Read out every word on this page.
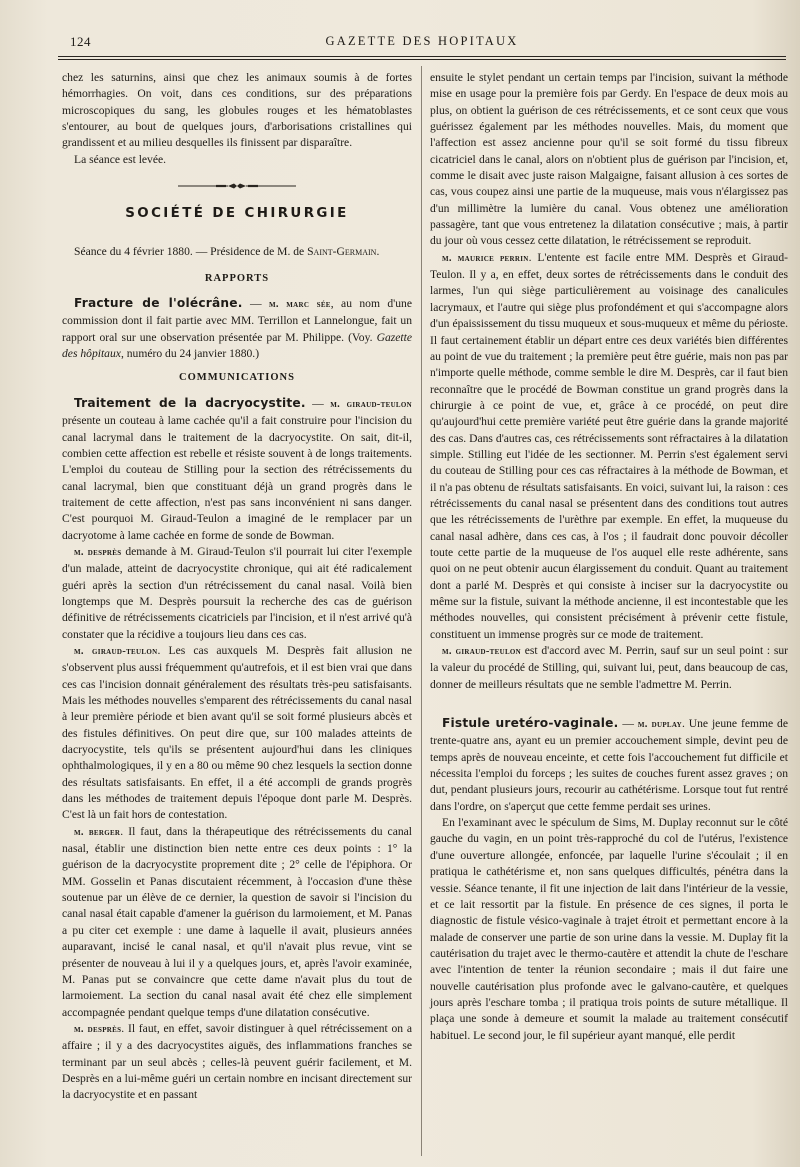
124	GAZETTE DES HOPITAUX

chez les saturnins, ainsi que chez les animaux soumis à de fortes hémorrhagies. On voit, dans ces conditions, sur des préparations microscopiques du sang, les globules rouges et les hématoblastes s'entourer, au bout de quelques jours, d'arborisations cristallines qui grandissent et au milieu desquelles ils finissent par disparaître.

La séance est levée.

SOCIÉTÉ DE CHIRURGIE

Séance du 4 février 1880. — Présidence de M. de Saint-Germain.

RAPPORTS

Fracture de l'olécrâne. — m. marc sée, au nom d'une commission dont il fait partie avec MM. Terrillon et Lannelongue, fait un rapport oral sur une observation présentée par M. Philippe. (Voy. Gazette des hôpitaux, numéro du 24 janvier 1880.)

COMMUNICATIONS

Traitement de la dacryocystite. — m. giraud-teulon présente un couteau à lame cachée qu'il a fait construire pour l'incision du canal lacrymal dans le traitement de la dacryocystite. On sait, dit-il, combien cette affection est rebelle et résiste souvent à de longs traitements. L'emploi du couteau de Stilling pour la section des rétrécissements du canal lacrymal, bien que constituant déjà un grand progrès dans le traitement de cette affection, n'est pas sans inconvénient ni sans danger. C'est pourquoi M. Giraud-Teulon a imaginé de le remplacer par un dacryotome à lame cachée en forme de sonde de Bowman.

m. desprès demande à M. Giraud-Teulon s'il pourrait lui citer l'exemple d'un malade, atteint de dacryocystite chronique, qui ait été radicalement guéri après la section d'un rétrécissement du canal nasal. Voilà bien longtemps que M. Desprès poursuit la recherche des cas de guérison définitive de rétrécissements cicatriciels par l'incision, et il n'est arrivé qu'à constater que la récidive a toujours lieu dans ces cas.

m. giraud-teulon. Les cas auxquels M. Desprès fait allusion ne s'observent plus aussi fréquemment qu'autrefois, et il est bien vrai que dans ces cas l'incision donnait généralement des résultats très-peu satisfaisants. Mais les méthodes nouvelles s'emparent des rétrécissements du canal nasal à leur première période et bien avant qu'il se soit formé plusieurs abcès et des fistules définitives. On peut dire que, sur 100 malades atteints de dacryocystite, tels qu'ils se présentent aujourd'hui dans les cliniques ophthalmologiques, il y en a 80 ou même 90 chez lesquels la section donne des résultats satisfaisants. En effet, il a été accompli de grands progrès dans les méthodes de traitement depuis l'époque dont parle M. Desprès. C'est là un fait hors de contestation.

m. berger. Il faut, dans la thérapeutique des rétrécissements du canal nasal, établir une distinction bien nette entre ces deux points : 1° la guérison de la dacryocystite proprement dite ; 2° celle de l'épiphora. Or MM. Gosselin et Panas discutaient récemment, à l'occasion d'une thèse soutenue par un élève de ce dernier, la question de savoir si l'incision du canal nasal était capable d'amener la guérison du larmoiement, et M. Panas a pu citer cet exemple : une dame à laquelle il avait, plusieurs années auparavant, incisé le canal nasal, et qu'il n'avait plus revue, vint se présenter de nouveau à lui il y a quelques jours, et, après l'avoir examinée, M. Panas put se convaincre que cette dame n'avait plus du tout de larmoiement. La section du canal nasal avait été chez elle simplement accompagnée pendant quelque temps d'une dilatation consécutive.

m. desprès. Il faut, en effet, savoir distinguer à quel rétrécissement on a affaire ; il y a des dacryocystites aiguës, des inflammations franches se terminant par un seul abcès ; celles-là peuvent guérir facilement, et M. Desprès en a lui-même guéri un certain nombre en incisant directement sur la dacryocystite et en passant

ensuite le stylet pendant un certain temps par l'incision, suivant la méthode mise en usage pour la première fois par Gerdy. En l'espace de deux mois au plus, on obtient la guérison de ces rétrécissements, et ce sont ceux que vous guérissez également par les méthodes nouvelles. Mais, du moment que l'affection est assez ancienne pour qu'il se soit formé du tissu fibreux cicatriciel dans le canal, alors on n'obtient plus de guérison par l'incision, et, comme le disait avec juste raison Malgaigne, faisant allusion à ces sortes de cas, vous coupez ainsi une partie de la muqueuse, mais vous n'élargissez pas d'un millimètre la lumière du canal. Vous obtenez une amélioration passagère, tant que vous entretenez la dilatation consécutive ; mais, à partir du jour où vous cessez cette dilatation, le rétrécissement se reproduit.

m. maurice perrin. L'entente est facile entre MM. Desprès et Giraud-Teulon. Il y a, en effet, deux sortes de rétrécissements dans le conduit des larmes, l'un qui siège particulièrement au voisinage des canalicules lacrymaux, et l'autre qui siège plus profondément et qui s'accompagne alors d'un épaississement du tissu muqueux et sous-muqueux et même du périoste. Il faut certainement établir un départ entre ces deux variétés bien différentes au point de vue du traitement ; la première peut être guérie, mais non pas par n'importe quelle méthode, comme semble le dire M. Desprès, car il faut bien reconnaître que le procédé de Bowman constitue un grand progrès dans la chirurgie à ce point de vue, et, grâce à ce procédé, on peut dire qu'aujourd'hui cette première variété peut être guérie dans la grande majorité des cas. Dans d'autres cas, ces rétrécissements sont réfractaires à la dilatation simple. Stilling eut l'idée de les sectionner. M. Perrin s'est également servi du couteau de Stilling pour ces cas réfractaires à la méthode de Bowman, et il n'a pas obtenu de résultats satisfaisants. En voici, suivant lui, la raison : ces rétrécissements du canal nasal se présentent dans des conditions tout autres que les rétrécissements de l'urèthre par exemple. En effet, la muqueuse du canal nasal adhère, dans ces cas, à l'os ; il faudrait donc pouvoir décoller toute cette partie de la muqueuse de l'os auquel elle reste adhérente, sans quoi on ne peut obtenir aucun élargissement du conduit. Quant au traitement dont a parlé M. Desprès et qui consiste à inciser sur la dacryocystite ou même sur la fistule, suivant la méthode ancienne, il est incontestable que les méthodes nouvelles, qui consistent précisément à prévenir cette fistule, constituent un immense progrès sur ce mode de traitement.

m. giraud-teulon est d'accord avec M. Perrin, sauf sur un seul point : sur la valeur du procédé de Stilling, qui, suivant lui, peut, dans beaucoup de cas, donner de meilleurs résultats que ne semble l'admettre M. Perrin.

Fistule uretéro-vaginale. — m. duplay. Une jeune femme de trente-quatre ans, ayant eu un premier accouchement simple, devint peu de temps après de nouveau enceinte, et cette fois l'accouchement fut difficile et nécessita l'emploi du forceps ; les suites de couches furent assez graves ; on dut, pendant plusieurs jours, recourir au cathétérisme. Lorsque tout fut rentré dans l'ordre, on s'aperçut que cette femme perdait ses urines.

En l'examinant avec le spéculum de Sims, M. Duplay reconnut sur le côté gauche du vagin, en un point très-rapproché du col de l'utérus, l'existence d'une ouverture allongée, enfoncée, par laquelle l'urine s'écoulait ; il en pratiqua le cathétérisme et, non sans quelques difficultés, pénétra dans la vessie. Séance tenante, il fit une injection de lait dans l'intérieur de la vessie, et ce lait ressortit par la fistule. En présence de ces signes, il porta le diagnostic de fistule vésico-vaginale à trajet étroit et permettant encore à la malade de conserver une partie de son urine dans la vessie. M. Duplay fit la cautérisation du trajet avec le thermo-cautère et attendit la chute de l'eschare avec l'intention de tenter la réunion secondaire ; mais il dut faire une nouvelle cautérisation plus profonde avec le galvano-cautère, et quelques jours après l'eschare tomba ; il pratiqua trois points de suture métallique. Il plaça une sonde à demeure et soumit la malade au traitement consécutif habituel. Le second jour, le fil supérieur ayant manqué, elle perdit
